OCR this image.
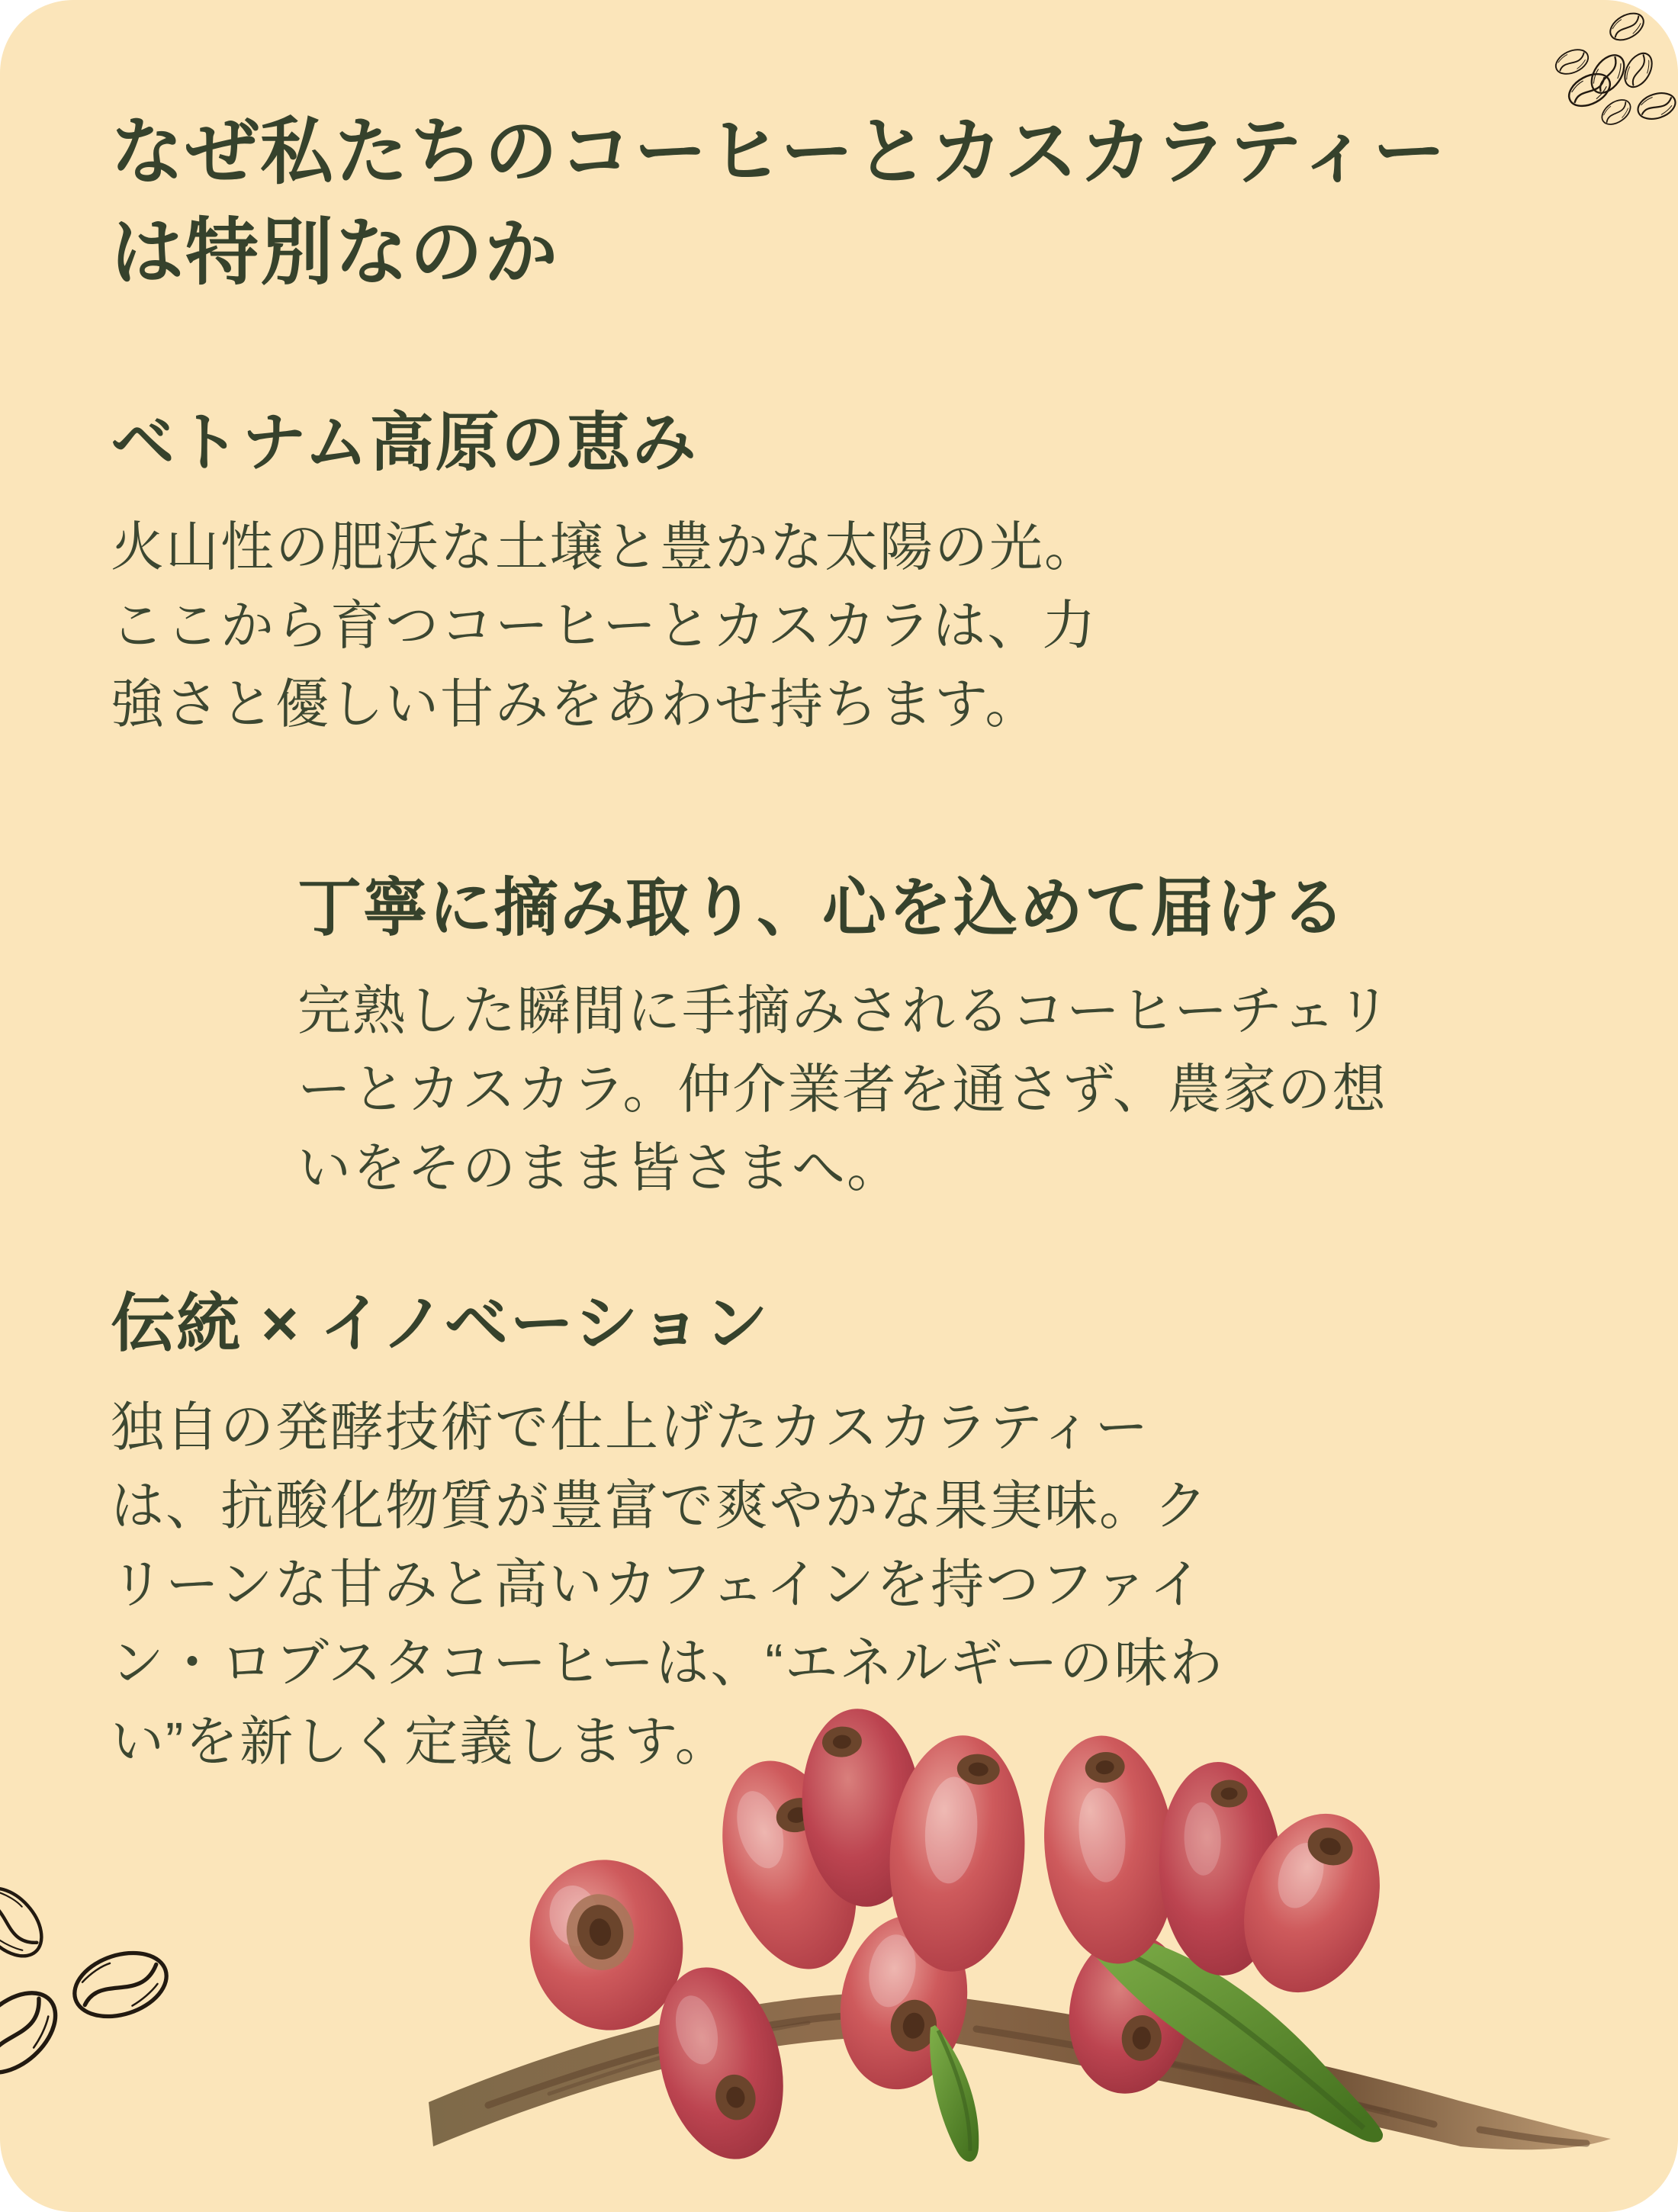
なぜ私たちのコーヒーとカスカラティー
は特別なのか
ベトナム高原の恵み

火山性の肥沃な土壌と豊かな太陽の光。
ここから育つコーヒーとカスカラは、力
強さと優しい甘みをあわせ持ちます。

丁寧に摘み取り、心を込めて届ける

完熟した瞬間に手摘みされるコーヒーチェリ
ーとカスカラ。仲介業者を通さず、農家の想
いをそのまま皆さまへ。

伝統 × イノベーション

独自の発酵技術で仕上げたカスカラティー
は、抗酸化物質が豊富で爽やかな果実味。ク
リーンな甘みと高いカフェインを持つファイ
ン・ロブスタコーヒーは、“エネルギーの味わ
い”を新しく定義します。
